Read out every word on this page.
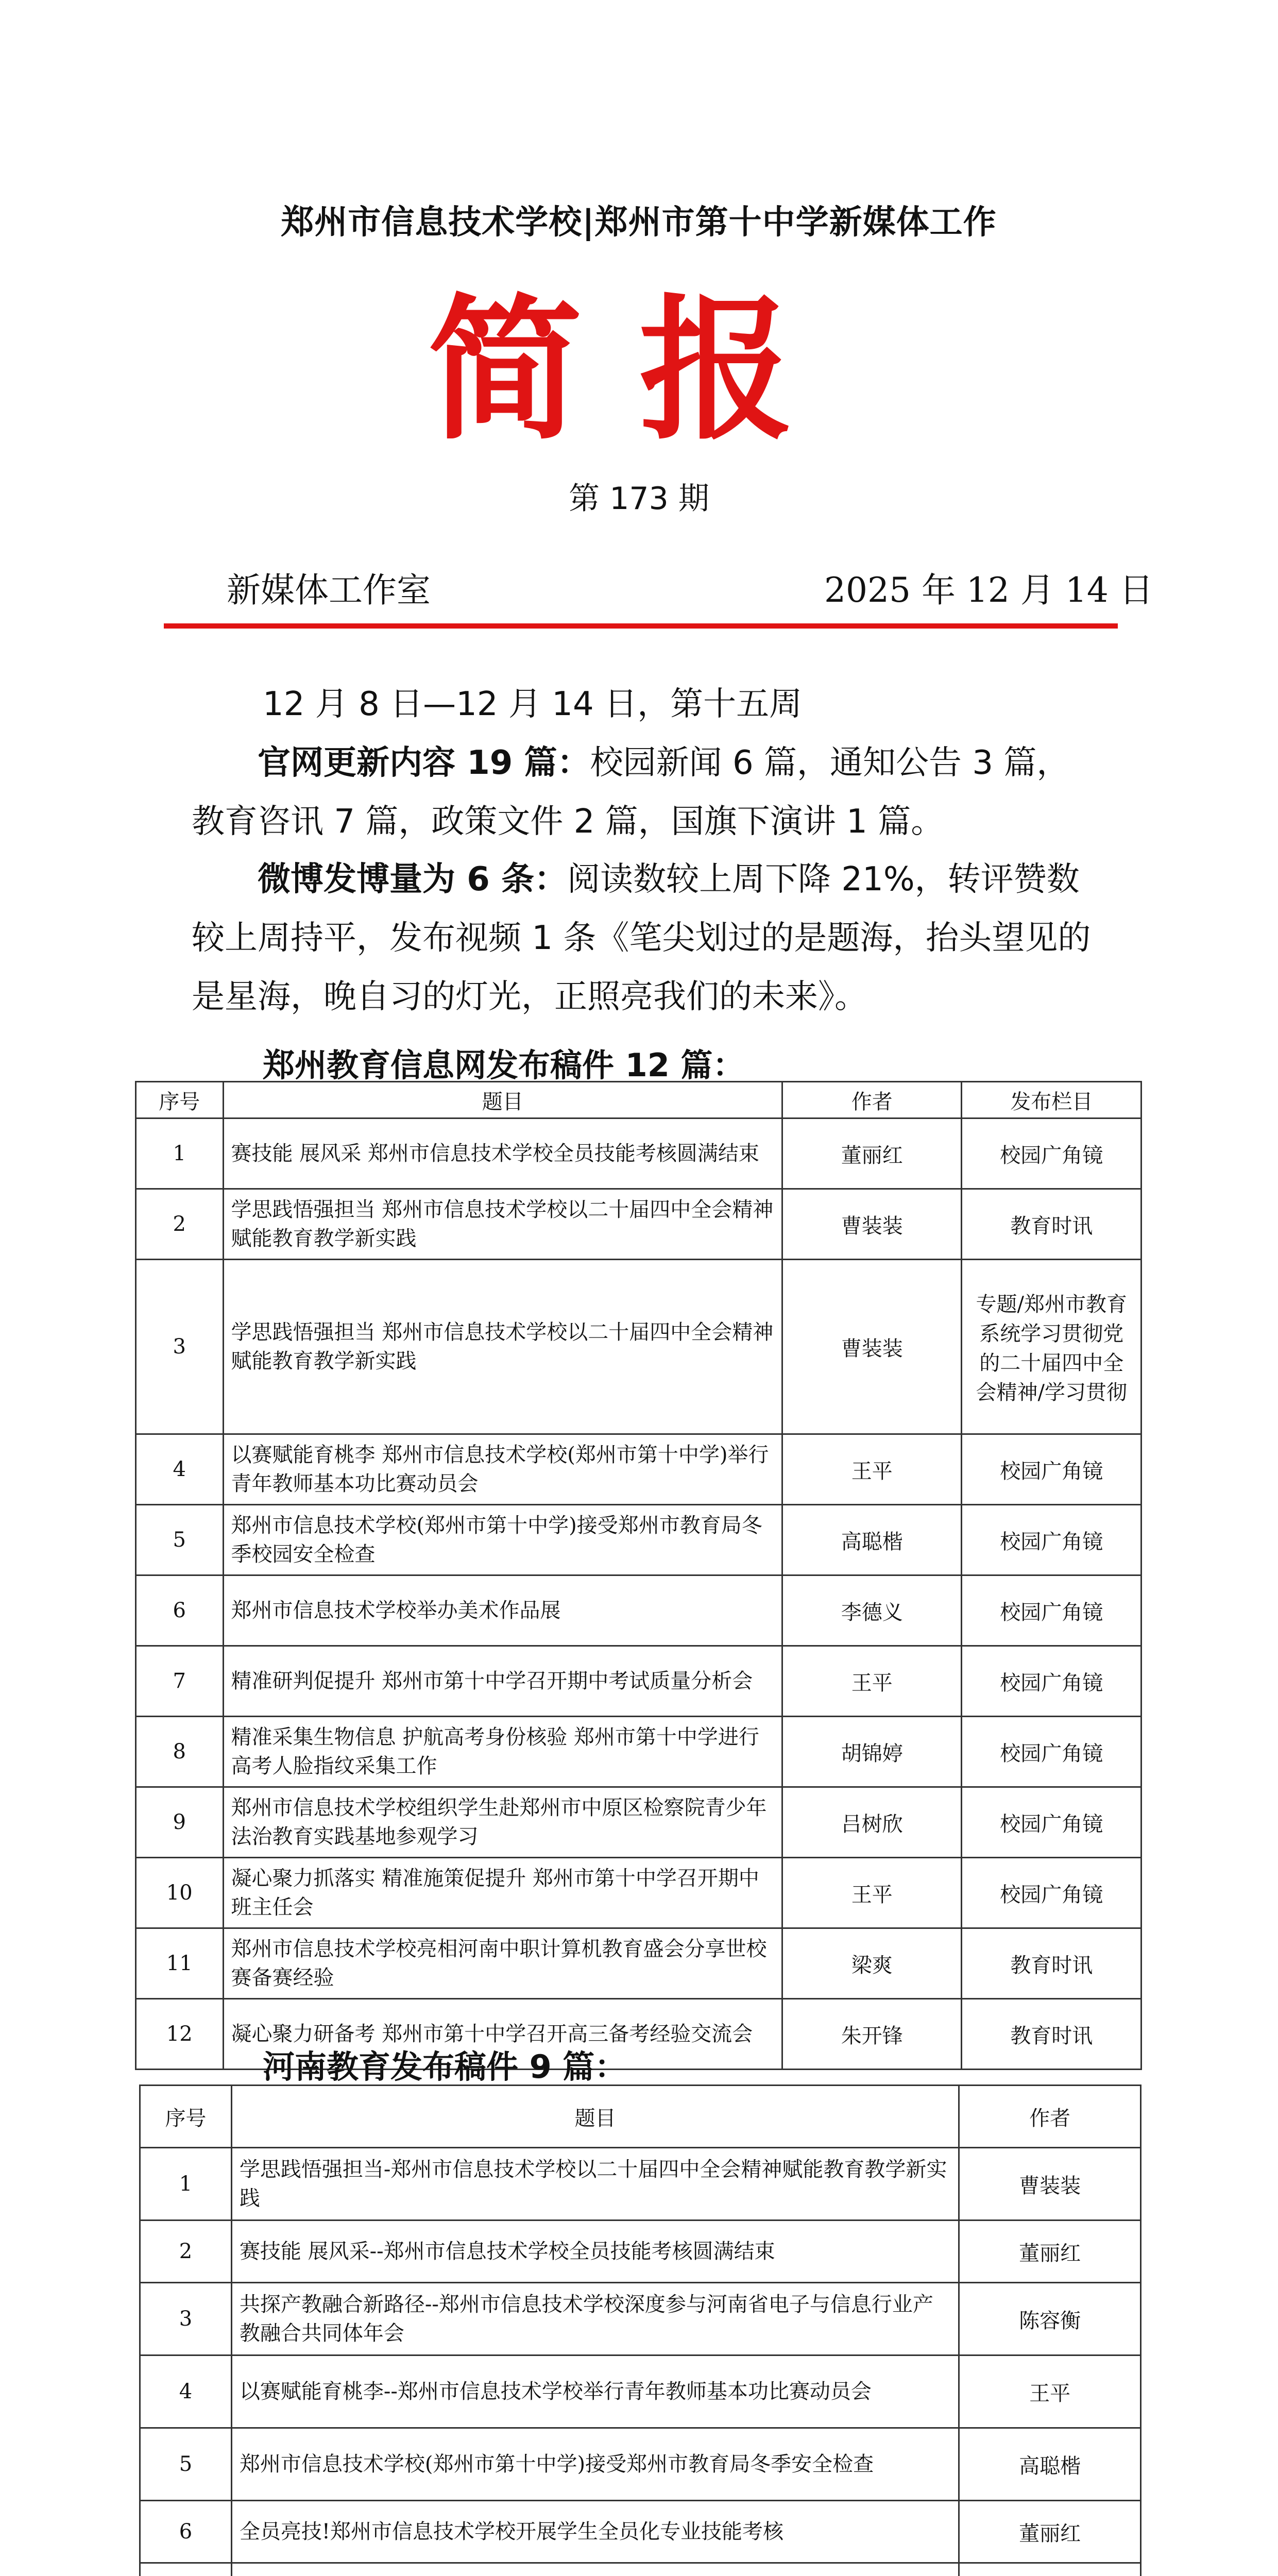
郑州市信息技术学校|郑州市第十中学新媒体工作
简报
第 173 期
新媒体工作室	2025 年 12 月 14 日
12 月 8 日—12 月 14 日，第十五周
官网更新内容 19 篇：校园新闻 6 篇，通知公告 3 篇，教育咨讯 7 篇，政策文件 2 篇，国旗下演讲 1 篇。
微博发博量为 6 条：阅读数较上周下降 21%，转评赞数较上周持平，发布视频 1 条《笔尖划过的是题海，抬头望见的是星海，晚自习的灯光，正照亮我们的未来》。
郑州教育信息网发布稿件 12 篇：
序号	题目	作者	发布栏目
1	赛技能 展风采 郑州市信息技术学校全员技能考核圆满结束	董丽红	校园广角镜
2	学思践悟强担当 郑州市信息技术学校以二十届四中全会精神赋能教育教学新实践	曹装装	教育时讯
3	学思践悟强担当 郑州市信息技术学校以二十届四中全会精神赋能教育教学新实践	曹装装	专题/郑州市教育系统学习贯彻党的二十届四中全会精神/学习贯彻
4	以赛赋能育桃李 郑州市信息技术学校(郑州市第十中学)举行青年教师基本功比赛动员会	王平	校园广角镜
5	郑州市信息技术学校(郑州市第十中学)接受郑州市教育局冬季校园安全检查	高聪楷	校园广角镜
6	郑州市信息技术学校举办美术作品展	李德义	校园广角镜
7	精准研判促提升 郑州市第十中学召开期中考试质量分析会	王平	校园广角镜
8	精准采集生物信息 护航高考身份核验 郑州市第十中学进行高考人脸指纹采集工作	胡锦婷	校园广角镜
9	郑州市信息技术学校组织学生赴郑州市中原区检察院青少年法治教育实践基地参观学习	吕树欣	校园广角镜
10	凝心聚力抓落实 精准施策促提升 郑州市第十中学召开期中班主任会	王平	校园广角镜
11	郑州市信息技术学校亮相河南中职计算机教育盛会分享世校赛备赛经验	梁爽	教育时讯
12	凝心聚力研备考 郑州市第十中学召开高三备考经验交流会	朱开锋	教育时讯
河南教育发布稿件 9 篇：
序号	题目	作者
1	学思践悟强担当-郑州市信息技术学校以二十届四中全会精神赋能教育教学新实践	曹装装
2	赛技能 展风采--郑州市信息技术学校全员技能考核圆满结束	董丽红
3	共探产教融合新路径--郑州市信息技术学校深度参与河南省电子与信息行业产教融合共同体年会	陈容衡
4	以赛赋能育桃李--郑州市信息技术学校举行青年教师基本功比赛动员会	王平
5	郑州市信息技术学校(郑州市第十中学)接受郑州市教育局冬季安全检查	高聪楷
6	全员亮技!郑州市信息技术学校开展学生全员化专业技能考核	董丽红
